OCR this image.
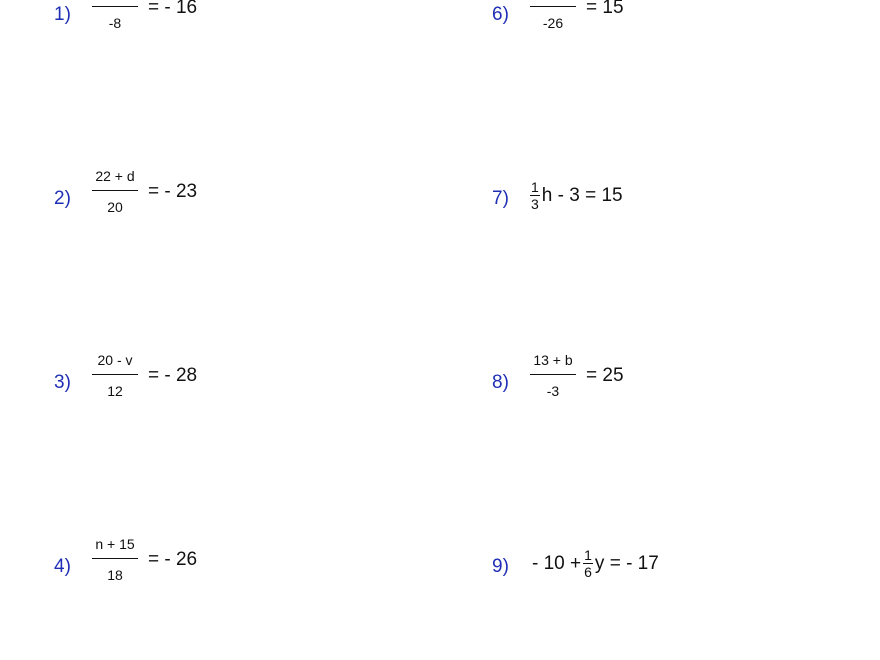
1)	-8
= - 16
$2) \frac{22 + d}{20}$ = - 23
$3) \frac{20 - v}{12}$ = - 28
$4) \frac{n + 15}{18}$ = - 26
6)	-26
= 15
$7) \frac{1}{3}$ h - 3 = 15
$8) \frac{13 + b}{-3} = 25$
$9) - 10 + \frac{1}{6}$ y = - 17
